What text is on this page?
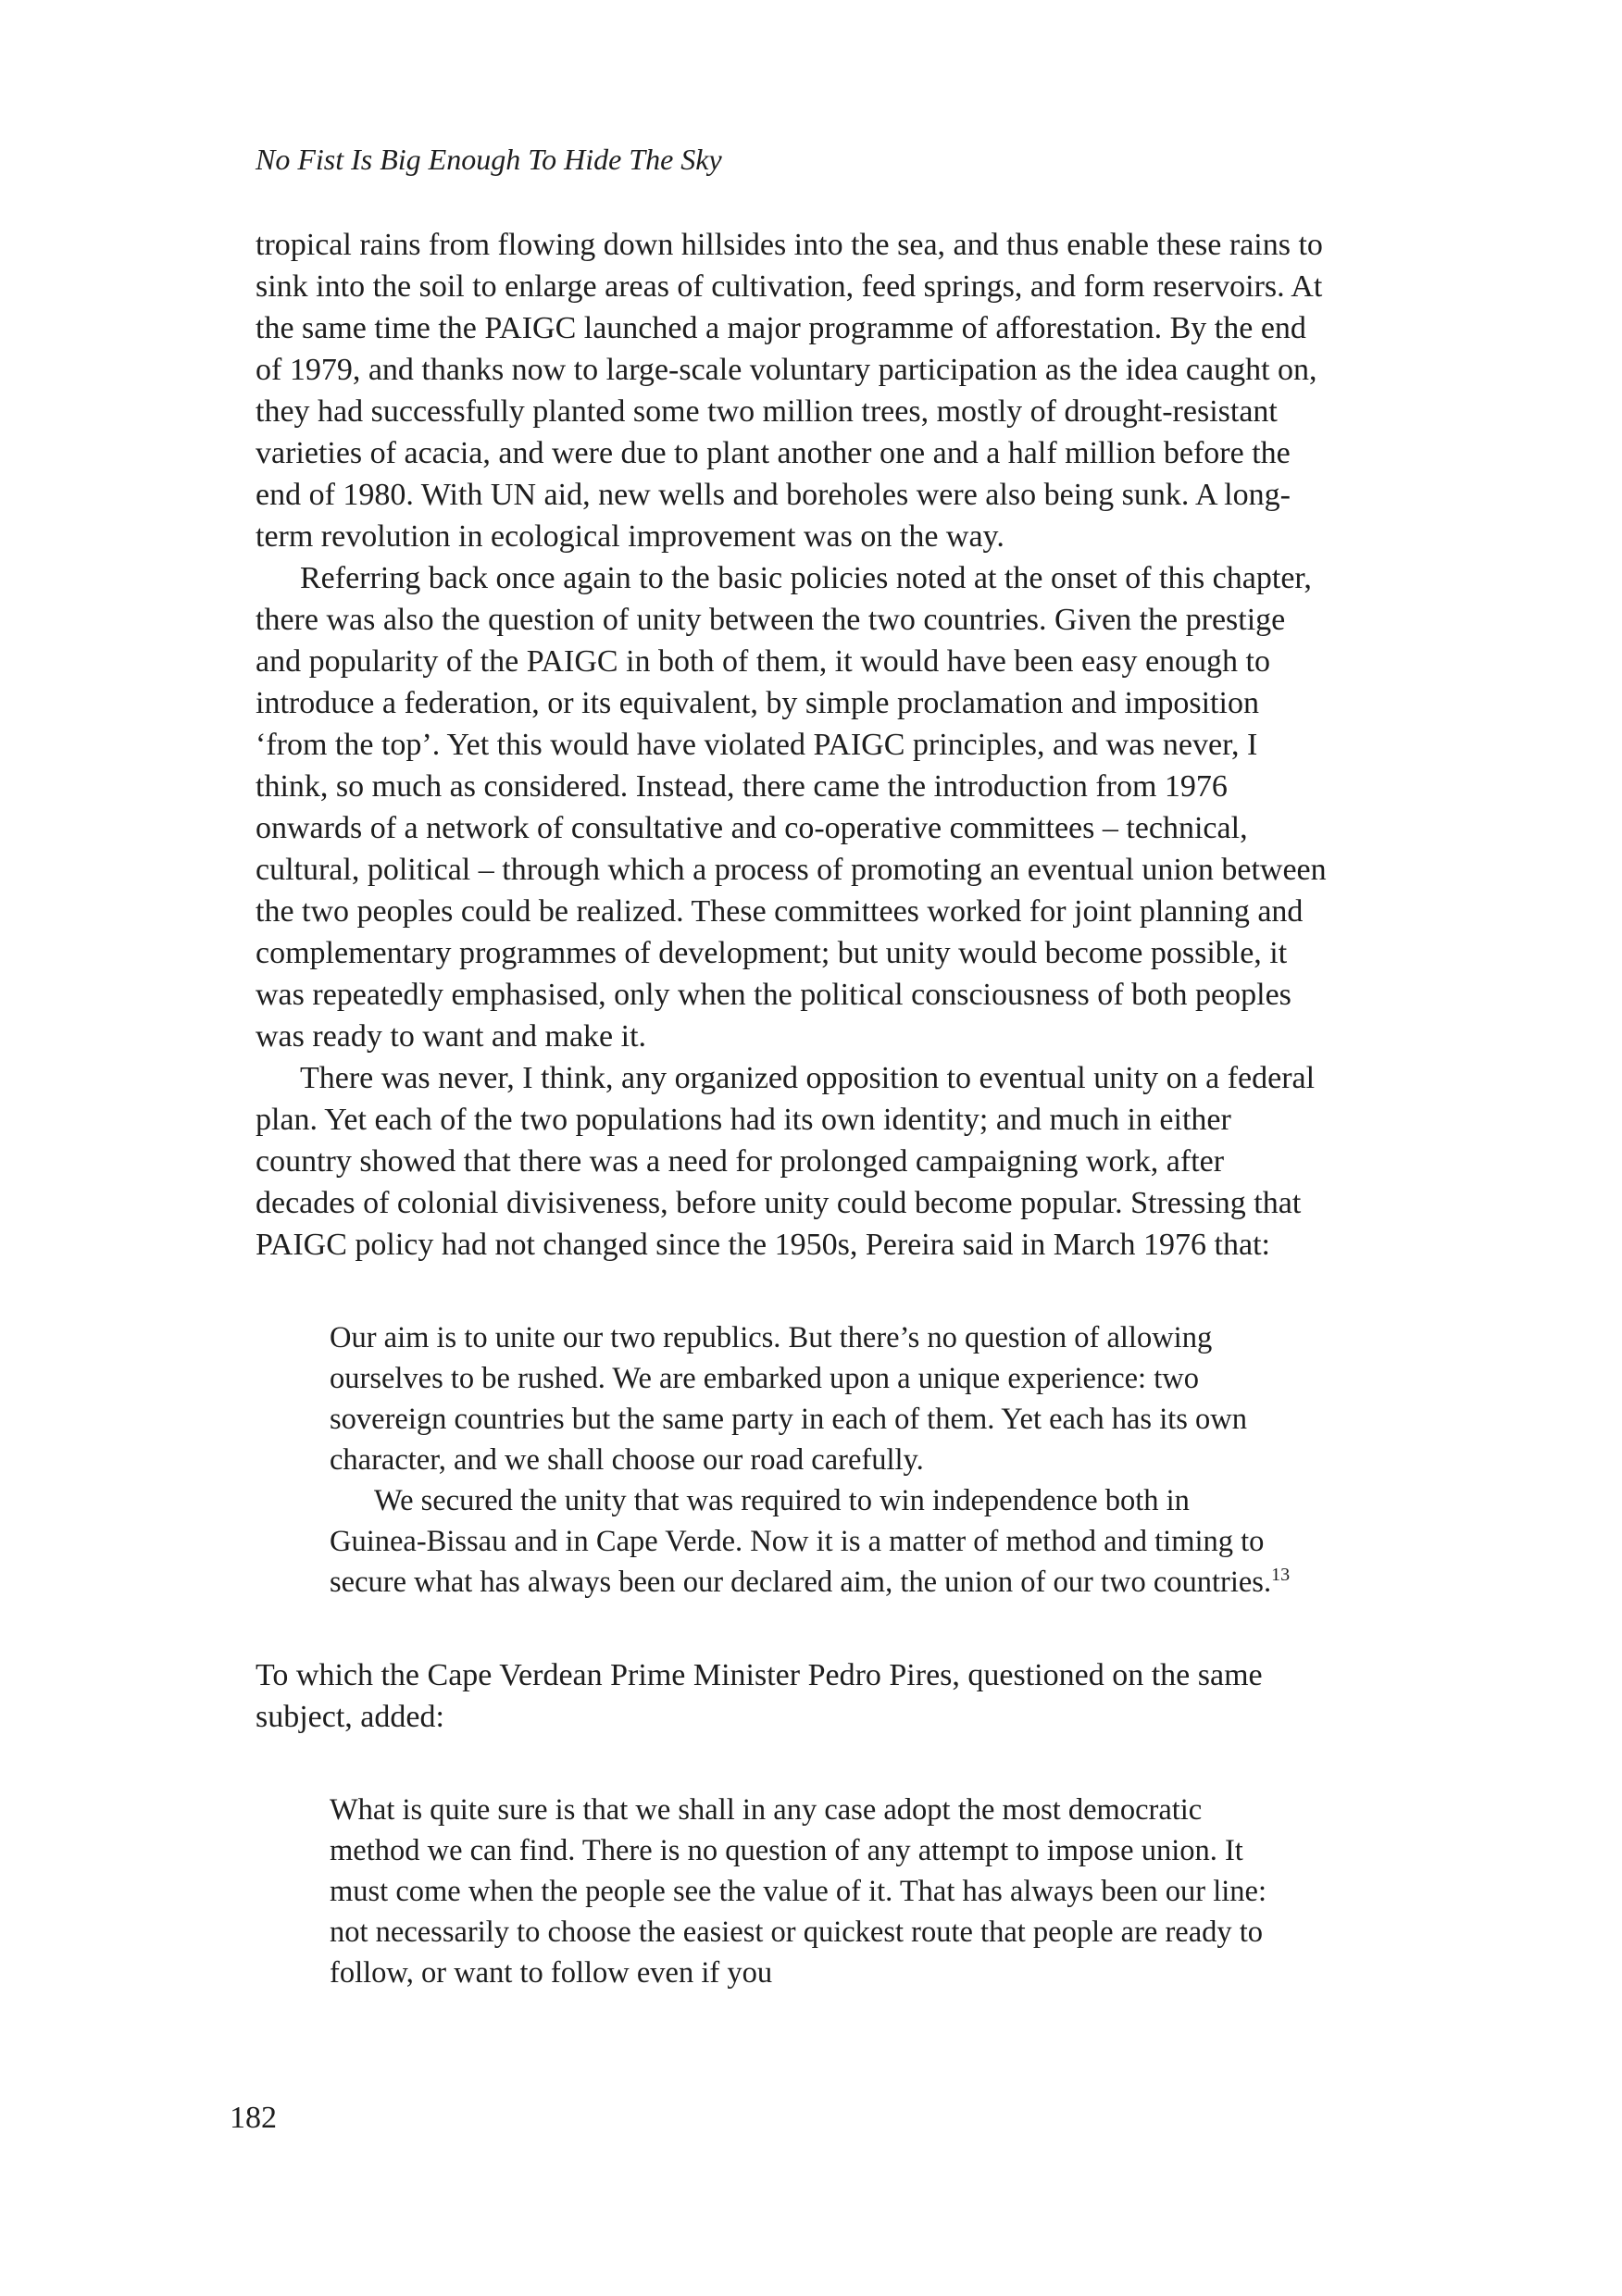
No Fist Is Big Enough To Hide The Sky

tropical rains from flowing down hillsides into the sea, and thus enable these rains to sink into the soil to enlarge areas of cultivation, feed springs, and form reservoirs. At the same time the PAIGC launched a major programme of afforestation. By the end of 1979, and thanks now to large-scale voluntary participation as the idea caught on, they had successfully planted some two million trees, mostly of drought-resistant varieties of acacia, and were due to plant another one and a half million before the end of 1980. With UN aid, new wells and boreholes were also being sunk. A long-term revolution in ecological improvement was on the way.

Referring back once again to the basic policies noted at the onset of this chapter, there was also the question of unity between the two countries. Given the prestige and popularity of the PAIGC in both of them, it would have been easy enough to introduce a federation, or its equivalent, by simple proclamation and imposition ‘from the top’. Yet this would have violated PAIGC principles, and was never, I think, so much as considered. Instead, there came the introduction from 1976 onwards of a network of consultative and co-operative committees – technical, cultural, political – through which a process of promoting an eventual union between the two peoples could be realized. These committees worked for joint planning and complementary programmes of development; but unity would become possible, it was repeatedly emphasised, only when the political consciousness of both peoples was ready to want and make it.

There was never, I think, any organized opposition to eventual unity on a federal plan. Yet each of the two populations had its own identity; and much in either country showed that there was a need for prolonged campaigning work, after decades of colonial divisiveness, before unity could become popular. Stressing that PAIGC policy had not changed since the 1950s, Pereira said in March 1976 that:

Our aim is to unite our two republics. But there’s no question of allowing ourselves to be rushed. We are embarked upon a unique experience: two sovereign countries but the same party in each of them. Yet each has its own character, and we shall choose our road carefully.

We secured the unity that was required to win independence both in Guinea-Bissau and in Cape Verde. Now it is a matter of method and timing to secure what has always been our declared aim, the union of our two countries.$^{13}$

To which the Cape Verdean Prime Minister Pedro Pires, questioned on the same subject, added:

What is quite sure is that we shall in any case adopt the most democratic method we can find. There is no question of any attempt to impose union. It must come when the people see the value of it. That has always been our line: not necessarily to choose the easiest or quickest route that people are ready to follow, or want to follow even if you

182
